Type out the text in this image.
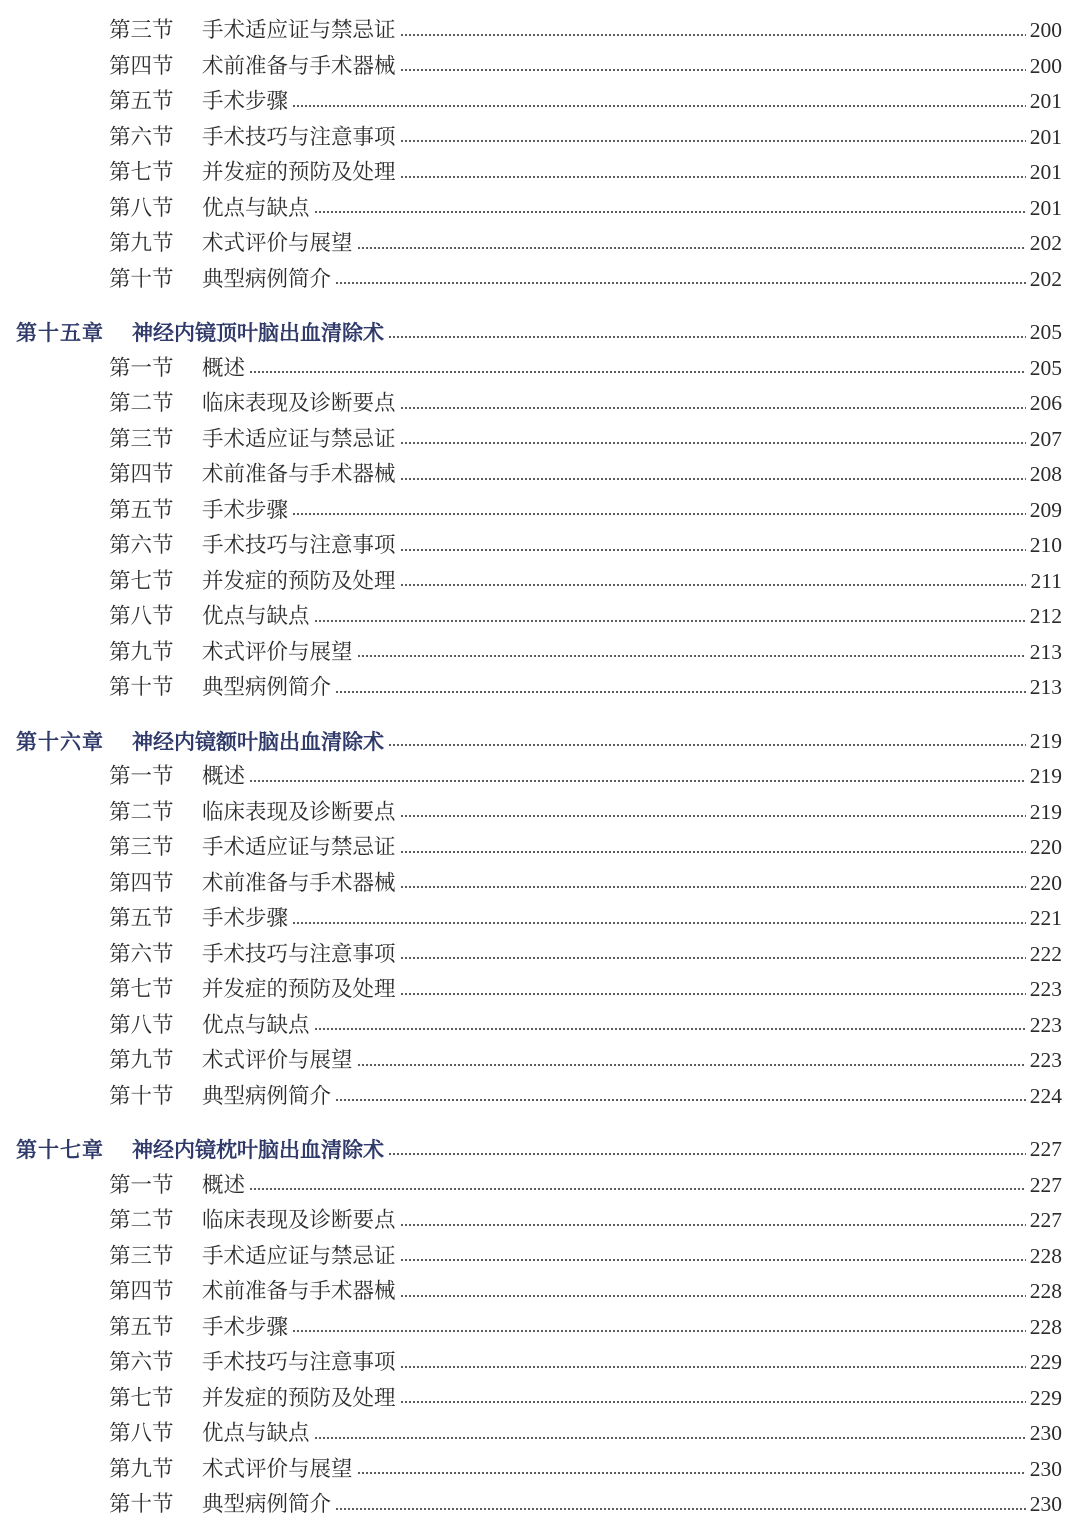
第三节	手术适应证与禁忌证	200
第四节	术前准备与手术器械	200
第五节	手术步骤	201
第六节	手术技巧与注意事项	201
第七节	并发症的预防及处理	201
第八节	优点与缺点	201
第九节	术式评价与展望	202
第十节	典型病例简介	202
第十五章	神经内镜顶叶脑出血清除术	205
第一节	概述	205
第二节	临床表现及诊断要点	206
第三节	手术适应证与禁忌证	207
第四节	术前准备与手术器械	208
第五节	手术步骤	209
第六节	手术技巧与注意事项	210
第七节	并发症的预防及处理	211
第八节	优点与缺点	212
第九节	术式评价与展望	213
第十节	典型病例简介	213
第十六章	神经内镜额叶脑出血清除术	219
第一节	概述	219
第二节	临床表现及诊断要点	219
第三节	手术适应证与禁忌证	220
第四节	术前准备与手术器械	220
第五节	手术步骤	221
第六节	手术技巧与注意事项	222
第七节	并发症的预防及处理	223
第八节	优点与缺点	223
第九节	术式评价与展望	223
第十节	典型病例简介	224
第十七章	神经内镜枕叶脑出血清除术	227
第一节	概述	227
第二节	临床表现及诊断要点	227
第三节	手术适应证与禁忌证	228
第四节	术前准备与手术器械	228
第五节	手术步骤	228
第六节	手术技巧与注意事项	229
第七节	并发症的预防及处理	229
第八节	优点与缺点	230
第九节	术式评价与展望	230
第十节	典型病例简介	230
